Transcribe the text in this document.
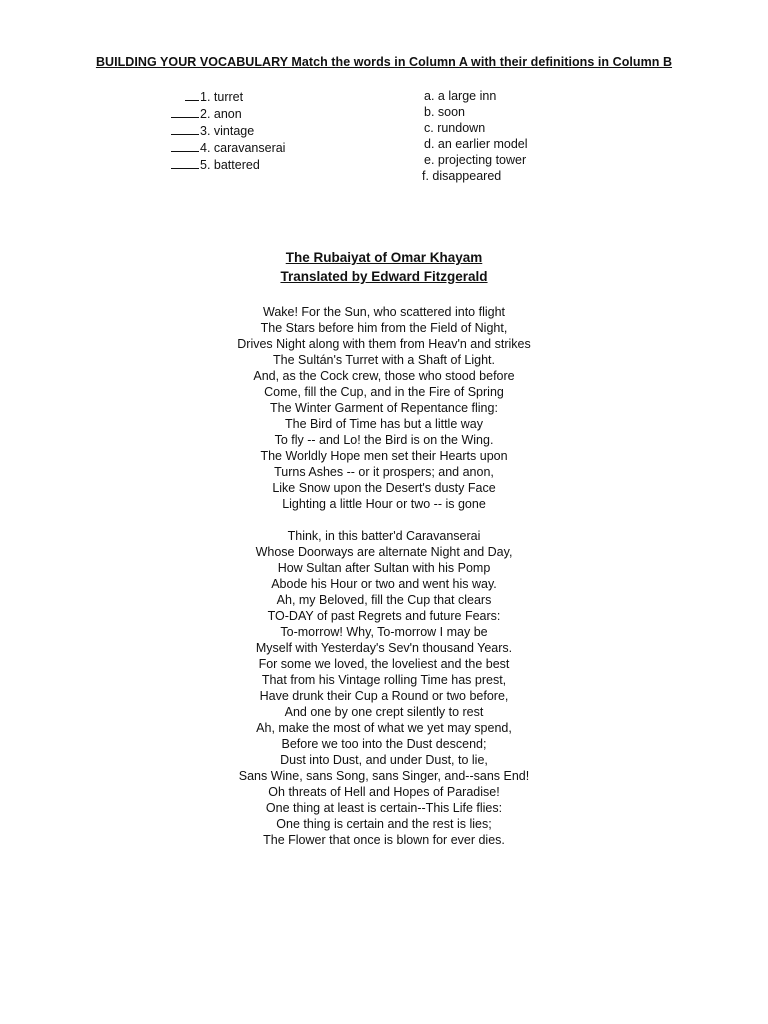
BUILDING YOUR VOCABULARY Match the words in Column A with their definitions in Column B
1. turret
2. anon
3. vintage
4. caravanserai
5. battered
a. a large inn
b. soon
c. rundown
d. an earlier model
e. projecting tower
f. disappeared
The Rubaiyat of Omar Khayam
Translated by Edward Fitzgerald
Wake! For the Sun, who scattered into flight
The Stars before him from the Field of Night,
Drives Night along with them from Heav'n and strikes
The Sultán's Turret with a Shaft of Light.
And, as the Cock crew, those who stood before
Come, fill the Cup, and in the Fire of Spring
The Winter Garment of Repentance fling:
The Bird of Time has but a little way
To fly -- and Lo! the Bird is on the Wing.
The Worldly Hope men set their Hearts upon
Turns Ashes -- or it prospers; and anon,
Like Snow upon the Desert's dusty Face
Lighting a little Hour or two -- is gone
Think, in this batter'd Caravanserai
Whose Doorways are alternate Night and Day,
How Sultan after Sultan with his Pomp
Abode his Hour or two and went his way.
Ah, my Beloved, fill the Cup that clears
TO-DAY of past Regrets and future Fears:
To-morrow! Why, To-morrow I may be
Myself with Yesterday's Sev'n thousand Years.
For some we loved, the loveliest and the best
That from his Vintage rolling Time has prest,
Have drunk their Cup a Round or two before,
And one by one crept silently to rest
Ah, make the most of what we yet may spend,
Before we too into the Dust descend;
Dust into Dust, and under Dust, to lie,
Sans Wine, sans Song, sans Singer, and--sans End!
Oh threats of Hell and Hopes of Paradise!
One thing at least is certain--This Life flies:
One thing is certain and the rest is lies;
The Flower that once is blown for ever dies.
